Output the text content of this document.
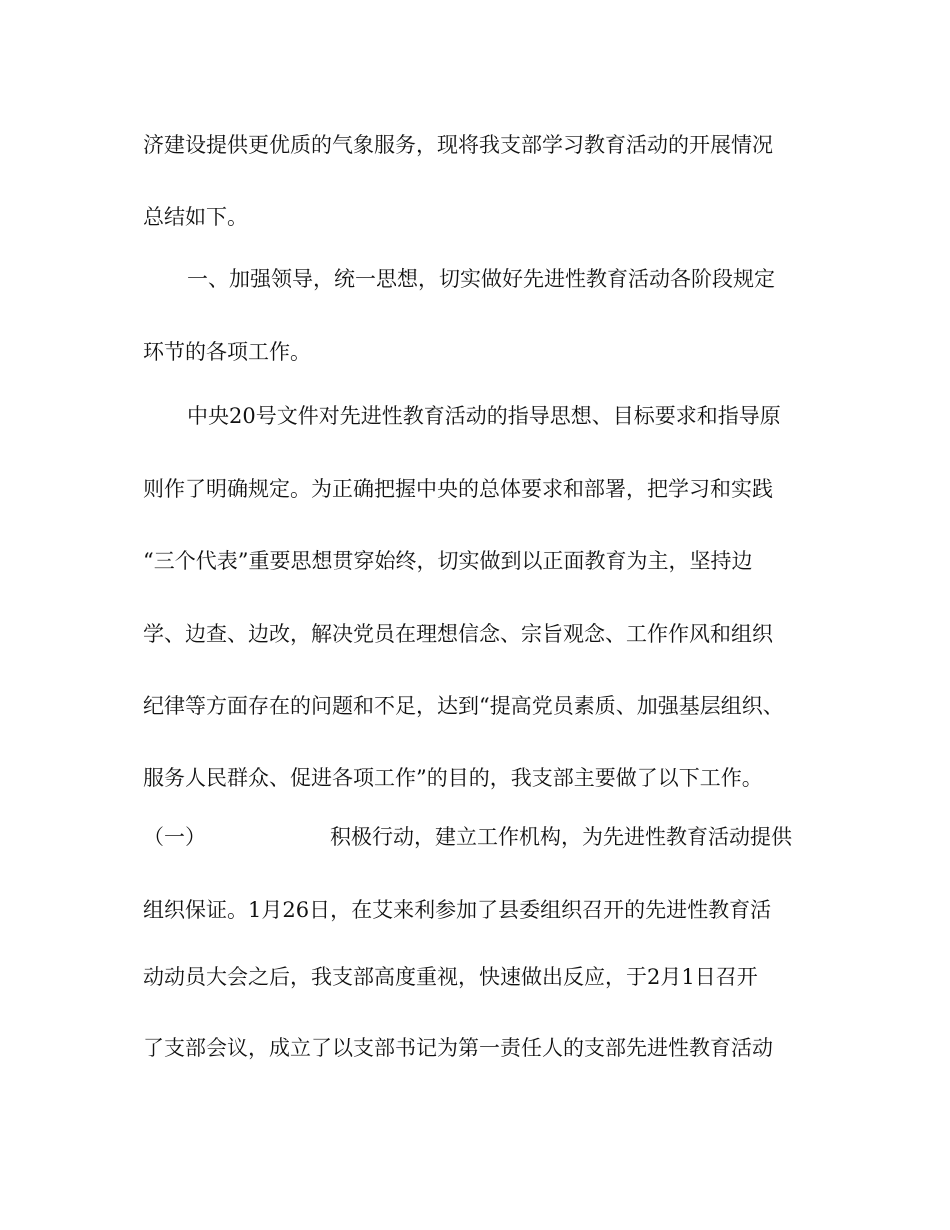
济建设提供更优质的气象服务，现将我支部学习教育活动的开展情况
总结如下。
一、加强领导，统一思想，切实做好先进性教育活动各阶段规定
环节的各项工作。
中央20号文件对先进性教育活动的指导思想、目标要求和指导原
则作了明确规定。为正确把握中央的总体要求和部署，把学习和实践
“三个代表”重要思想贯穿始终，切实做到以正面教育为主，坚持边
学、边查、边改，解决党员在理想信念、宗旨观念、工作作风和组织
纪律等方面存在的问题和不足，达到“提高党员素质、加强基层组织、
服务人民群众、促进各项工作”的目的，我支部主要做了以下工作。
（一）	积极行动，建立工作机构，为先进性教育活动提供
组织保证。1月26日，在艾来利参加了县委组织召开的先进性教育活
动动员大会之后，我支部高度重视，快速做出反应，于2月1日召开
了支部会议，成立了以支部书记为第一责任人的支部先进性教育活动
